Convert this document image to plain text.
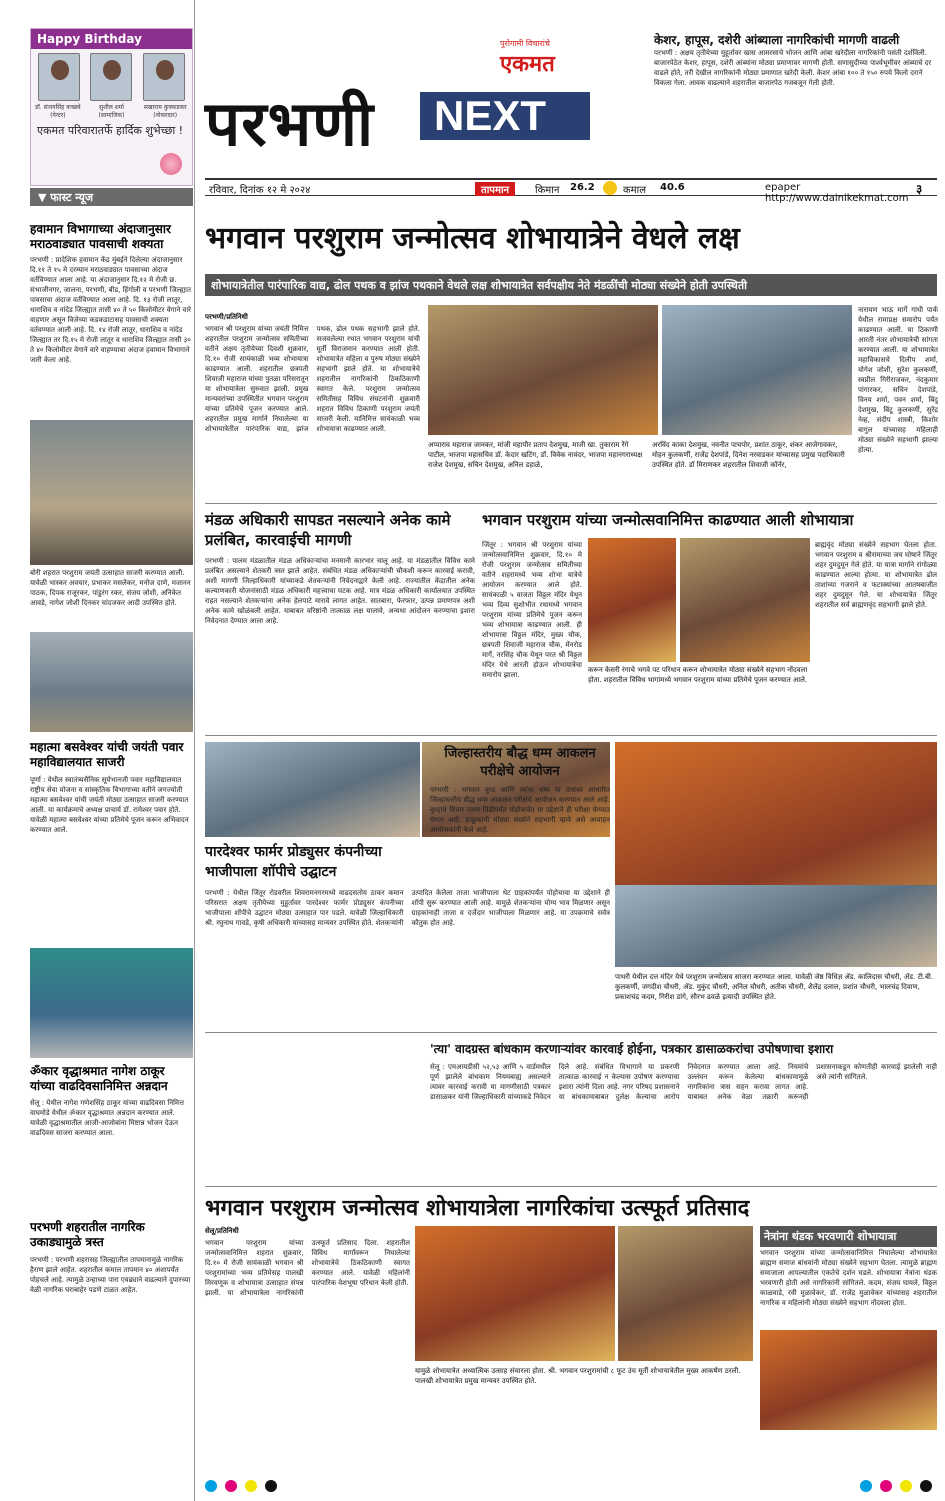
Happy Birthday
डॉ. संजयसिंह कच्छवे
(पेन्टर)
सुशील शर्मा
(सामाजिक)
सखाराम कुक्कडकर
(नोकरदार)
एकमत परिवारातर्फे हार्दिक शुभेच्छा !
▼ फास्ट न्यूज
हवामान विभागाच्या अंदाजानुसार मराठवाड्यात पावसाची शक्यता
परभणी : प्रादेशिक हवामान केंद्र मुंबईने दिलेल्या अंदाजानुसार दि.११ ते १५ मे दरम्यान मराठवाड्यात पावसाच्या अंदाज वर्तविण्यात आला आहे. या अंदाजानुसार दि.१२ मे रोजी छ. संभाजीनगर, जालना, परभणी, बीड, हिंगोली व परभणी जिल्ह्यात पावसाचा अंदाज वर्तविण्यात आला आहे. दि. १३ रोजी लातूर, धाराशिव व नांदेड जिल्ह्यात तासी ४० ते ५० किलोमीटर वेगाने वारे वाहणार असून विजेच्या कडकडाटासह पावसाची शक्यता वर्तवण्यात आली आहे. दि. १४ रोजी लातूर, धाराशिव व नांदेड जिल्ह्यात तर दि.१५ मे रोजी लातूर व धाराशिव जिल्ह्यात तासी ३० ते ४० किलोमीटर वेगाने वारे वाहण्याचा अंदाज हवामान विभागाने जारी केला आहे.
बोरी शहरात परशुराम जयंती उत्साहात साजरी करण्यात आली. यावेळी भास्कर अवचार, प्रभाकर मसलेकर, मनोज दाणे, मजानन पाठक, दिपक राजूरकर, पांडुरंग रकर, संजय जोशी, अनिकेत आवडे, नागेश जोशी दिनकर चांदजकर आदी उपस्थित होते.
महात्मा बसवेश्वर यांची जयंती पवार महाविद्यालयात साजरी
पूर्णा : येथील स्वातंत्र्यसैनिक सूर्यभानजी पवार महाविद्यालयात राष्ट्रीय सेवा योजना व सांस्कृतिक विभागाच्या वतीने जगज्योती महात्मा बसवेश्वर यांची जयंती मोठ्या उत्साहात साजरी करण्यात आली. या कार्यक्रमाचे अध्यक्ष प्राचार्य डॉ. रामेश्वर पवार होते. यावेळी महात्मा बसवेश्वर यांच्या प्रतिमेचे पूजन करून अभिवादन करण्यात आले.
ॐकार वृद्धाश्रमात नागेश ठाकूर यांच्या वाढदिवसानिमित्त अन्नदान
सेलू : येथील नागेश गणेशसिंह ठाकूर यांच्या वाढदिवसा निमित्त वाघमोडे येथील ॐकार वृद्धाश्रमात अन्नदान करण्यात आले. यावेळी वृद्धाश्रमातील आजी-आजोबांना मिष्टान्न भोजन देऊन वाढदिवस साजरा करण्यात आला.
परभणी शहरातील नागरिक उकाड्यामुळे त्रस्त
परभणी : परभणी शहरासह जिल्ह्यातील तापमानामुळे नागरिक हैराण झाले आहेत. शहरातील कमाल तापमान ४० अंशापर्यंत पोहचले आहे. त्यामुळे उन्हाच्या पारा एवढ्याने वाढल्याने दुपारच्या वेळी नागरिक घराबाहेर पडणे टाळत आहेत.
पुरोगामी विचारांचे
एकमत
परभणी	NEXT
केशर, हापूस, दशेरी आंब्याला नागरिकांची मागणी वाढली

परभणी : अक्षय तृतीयेच्या मुहूर्तावर खास आमरसाचे भोजन आणि आंबा खरेदीला नागरिकांनी पसंती दर्शविली. बाजारपेठेत केशर, हापूस, दशेरी आंब्यांना मोठ्या प्रमाणावर मागणी होती. सणासुदीच्या पार्श्वभूमीवर आंब्याचे दर वाढले होते, तरी देखील नागरिकांनी मोठ्या प्रमाणात खरेदी केली. केशर आंबा १०० ते १५० रुपये किलो दराने विकला गेला. आवक वाढल्याने शहरातील बाजारपेठ गजबजून गेली होती.

रविवार, दिनांक १२ मे २०२४	तापमान	किमान 26.2	कमाल 40.6	epaper http://www.dainikekmat.com
३
भगवान परशुराम जन्मोत्सव शोभायात्रेने वेधले लक्ष
शोभायात्रेतील पारंपारिक वाद्य, ढोल पथक व झांज पथकाने वेधले लक्ष शोभायात्रेत सर्वपक्षीय नेते मंडळींची मोठ्या संख्येने होती उपस्थिती
परभणी/प्रतिनिधी
भगवान श्री परशुराम यांच्या जयंती निमित्त शहरातील परशुराम जन्मोत्सव समितीच्या वतीने अक्षय तृतीयेच्या दिवशी शुक्रवार, दि.१० रोजी सायंकाळी भव्य शोभायात्रा काढण्यात आली. शहरातील छत्रपती शिवाजी महाराज यांच्या पुतळा परिसरातून या शोभायात्रेला सुरुवात झाली. प्रमुख मान्यवरांच्या उपस्थितीत भगवान परशुराम यांच्या प्रतिमेचे पूजन करण्यात आले. शहरातील प्रमुख मार्गाने निघालेल्या या शोभायात्रेतील पारंपारिक वाद्य, झांज पथक, ढोल पथक सहभागी झाले होते. सजवलेल्या रथात भगवान परशुराम यांची मूर्ती विराजमान करण्यात आली होती. शोभायात्रेत महिला व पुरुष मोठ्या संख्येने सहभागी झाले होते. या शोभायात्रेचे शहरातील नागरिकांनी ठिकठिकाणी स्वागत केले. परशुराम जन्मोत्सव समितीसह विविध संघटनांनी शुक्रवारी शहरात विविध ठिकाणी परशुराम जयंती साजरी केली. यानिमित्त सायंकाळी भव्य शोभायात्रा काढण्यात आली.
अप्पाराव महाराज जानकर, मांजी महापौर प्रताप देशमुख, माजी खा. तुकाराम रेंगे पाटील, भाजपा महासचिव डॉ. केदार खटिंग, डॉ. विवेक नावंदर, भाजपा महानगराध्यक्ष राजेश देशमुख, सचिन देशमुख, अनिल डहाळे,
अरविंद काका देशमुख, नवनीत पाचपोर, प्रशांत ठाकूर, शंकर आजेगावकर, मोहन कुलकर्णी, राजेंद्र देशपांडे, दिनेश नरवाडकर यांच्यासह प्रमुख पदाधिकारी उपस्थित होते. डॉ मिराणकर शहरातील शिवाजी कॉर्नर,
नारायण भाऊ मार्गे गांधी पार्क येथील रामाप्रक्ष समारोप पर्यंत काढण्यात आली. या ठिकाणी आरती नंतर शोभायात्रेची सांगता करण्यात आली. या शोभायात्रेत महाविकासचे दिलीप शर्मा, योगेश जोशी, सुरेश कुलकर्णी, स्वप्नील गिरीराजकर, नंदकुमार पांगारकर, सचिन देशपांडे, विनय शर्मा, पवन शर्मा, बिंदु देशमुख, बिंटू कुलकर्णी, सुरेंद्र नेव्ह, संदीप शास्त्री, किशोर बागुल यांच्यासह महिलाही मोठ्या संख्येने सहभागी झाल्या होत्या.
मंडळ अधिकारी सापडत नसल्याने अनेक कामे प्रलंबित, कारवाईची मागणी
परभणी : पालम मंडळातील मंडळ अधिकाऱ्यांचा मनमानी कारभार चालू आहे. या मंडळातील विविध कामे प्रलंबित असल्याने शेतकरी त्रस्त झाले आहेत. संबंधित मंडळ अधिकाऱ्यांची चौकशी करून कारवाई करावी, अशी मागणी जिल्हाधिकारी यांच्याकडे शेतकऱ्यांनी निवेदनाद्वारे केली आहे. राज्यातील केंद्रातील अनेक कल्याणकारी योजनांसाठी मंडळ अधिकारी महत्त्वाचा घटक आहे. मात्र मंडळ अधिकारी कार्यालयात उपस्थित राहत नसल्याने शेतकऱ्यांना अनेक हेलपाटे मारावे लागत आहेत. सातबारा, फेरफार, उत्पन्न प्रमाणपत्र अशी अनेक कामे खोळंबली आहेत. याबाबत वरिष्ठांनी तात्काळ लक्ष घालावे, अन्यथा आंदोलन करण्याचा इशारा निवेदनात देण्यात आला आहे.
भगवान परशुराम यांच्या जन्मोत्सवानिमित्त काढण्यात आली शोभायात्रा
जिंतूर : भगवान श्री परशुराम यांच्या जन्मोत्सवानिमित्त शुक्रवार, दि.१० मे रोजी परशुराम जन्मोत्सव समितीच्या वतीने शहरामध्ये भव्य शोभा यात्रेचे आयोजन करण्यात आले होते. सायंकाळी ५ वाजता विठ्ठल मंदिर येथून भव्य दिव्य सुशोभीत रथामध्ये भगवान परशुराम यांच्या प्रतिमेचे पूजन करून भव्य शोभायात्रा काढण्यात आली. ही शोभायात्रा विठ्ठल मंदिर, मुख्य चौक, छत्रपती शिवाजी महाराज चौक, मेंनरोड मार्गे, नरसिंह चौक येथून परत श्री विठ्ठल मंदिर येथे आरती होऊन शोभायात्रेचा समारोप झाला.
करून केसरी रंगाचे भगवे पट परिधान करून शोभायात्रेत मोठ्या संख्येने सहभाग नोंदवला होता. शहरातील विविध भागांमध्ये भगवान परशुराम यांच्या प्रतिमेचे पूजन करण्यात आले.
ब्राह्मवृंद मोठ्या संख्येने सहभाग घेतला होता. भगवान परशुराम व श्रीरामाच्या जय घोषाने जिंतूर शहर दुमदुमून गेले होते. या यात्रा मार्गाने रांगोळ्या काढण्यात आल्या होत्या. या शोभायात्रेत ढोल ताशांच्या गजराने व फटाक्यांच्या आतषबाजीत शहर दुमदुमून गेले. या शोभायात्रेत जिंतूर शहरातील सर्व ब्राह्मणवृंद सहभागी झाले होते.
पारदेश्वर फार्मर प्रोड्युसर कंपनीच्या भाजीपाला शॉपीचे उद्घाटन
परभणी : येथील जिंतूर रोडवरील शिवरामनगरमध्ये वाढदसतोय ठाकर कमान परिसरात अक्षय तृतीयेच्या मुहूर्तावर पारदेश्वर फार्मर प्रोड्युसर कंपनीच्या भाजीपाला शॉपीचे उद्घाटन मोठ्या उत्साहात पार पडले. यावेळी जिल्हाधिकारी श्री. रघुनाथ गावडे, कृषी अधिकारी यांच्यासह मान्यवर उपस्थित होते. शेतकऱ्यांनी उत्पादित केलेला ताजा भाजीपाला थेट ग्राहकांपर्यंत पोहोचावा या उद्देशाने ही शॉपी सुरू करण्यात आली आहे. यामुळे शेतकऱ्यांना योग्य भाव मिळणार असून ग्राहकांनाही ताजा व दर्जेदार भाजीपाला मिळणार आहे. या उपक्रमाचे सर्वत्र कौतुक होत आहे.
जिल्हास्तरीय बौद्ध धम्म आकलन परीक्षेचे आयोजन
परभणी : भगवान बुध्द आणि त्यांचा धम्म या ग्रंथावर आधारित जिल्हास्तरीय बौद्ध धम्म आकलन परीक्षेचे आयोजन करण्यात आले आहे. बुध्दांचे विचार तरुण पिढीपर्यंत पोहोचावेत या उद्देशाने ही परीक्षा घेण्यात येणार आहे. इच्छुकांनी मोठ्या संख्येने सहभागी व्हावे असे आवाहन आयोजकांनी केले आहे.
पाथरी येथील दत्त मंदिर येथे परशुराम जन्मोत्सव साजरा करण्यात आला. यावेळी जेष्ठ विधिज्ञ ॲड. कालिदास चौधरी, ॲड. टी.बी. कुलकर्णी, जगदीश चौधरी, ॲड. मुकुंद चौधरी, अनिल चौधरी, अतीक चौधरी, शैलेंद्र दलाल, प्रशांत चौधरी, भालचंद्र दिवाण, प्रकाशचंद्र कदम, गिरीश डांगे, सौरभ ढवळे इत्यादी उपस्थित होते.
'त्या' वादग्रस्त बांधकाम करणाऱ्यांवर कारवाई होईना, पत्रकार डासाळकरांचा उपोषणाचा इशारा
सेलू : एमआयडीसी ५२,५३ आणि ५ वार्डमधील पूर्ण झालेले बांधकाम नियमबाह्य असल्याने त्यावर कारवाई करावी या मागणीसाठी पत्रकार डासाळकर यांनी जिल्हाधिकारी यांच्याकडे निवेदन दिले आहे. संबंधित विभागाने या प्रकरणी तात्काळ कारवाई न केल्यास उपोषण करण्याचा इशारा त्यांनी दिला आहे. नगर परिषद प्रशासनाने या बांधकामाबाबत दुर्लक्ष केल्याचा आरोप निवेदनात करण्यात आला आहे. नियमांचे उल्लंघन करून केलेल्या बांधकामामुळे नागरिकांना त्रास सहन करावा लागत आहे. याबाबत अनेक वेळा तक्रारी करूनही प्रशासनाकडून कोणतीही कारवाई झालेली नाही असे त्यांनी सांगितले.
भगवान परशुराम जन्मोत्सव शोभायात्रेला नागरिकांचा उत्स्फूर्त प्रतिसाद
सेलू/प्रतिनिधी
भगवान परशुराम यांच्या जन्मोत्सवानिमित्त शहरात शुक्रवार, दि.१० मे रोजी सायंकाळी भगवान श्री परशुरामांच्या भव्य प्रतिमेसह पालखी मिरवणूक व शोभायात्रा उत्साहात संपन्न झाली. या शोभायात्रेला नागरिकांनी उत्स्फूर्त प्रतिसाद दिला. शहरातील विविध मार्गांवरून निघालेल्या शोभायात्रेचे ठिकठिकाणी स्वागत करण्यात आले. यावेळी महिलांनी पारंपारिक वेशभूषा परिधान केली होती.
यामुळे शोभायात्रेत अध्यात्मिक उत्साह संचारला होता. श्री. भगवान परशुरामांची ८ फूट उंच मूर्ती शोभायात्रेतील मुख्य आकर्षण ठरली. पालखी शोभायात्रेत प्रमुख मान्यवर उपस्थित होते.
नेत्रांना थंडक भरवणारी शोभायात्रा
भगवान परशुराम यांच्या जन्मोत्सवानिमित्त निघालेल्या शोभायात्रेत ब्राह्मण समाज बांधवांनी मोठ्या संख्येने सहभाग घेतला. त्यामुळे ब्राह्मण समाजाला आपल्यातील एकतेचे दर्शन घडले. शोभायात्रा नेत्रांना थंडक भरवणारी होती असे नागरिकांनी सांगितले. कदम, संजय घायले, विठ्ठल काळवाडे, रवी मुळावेकर, डॉ. राजेंद्र मुळावेकर यांच्यासह शहरातील नागरिक व महिलांनी मोठ्या संख्येने सहभाग नोंदवला होता.
